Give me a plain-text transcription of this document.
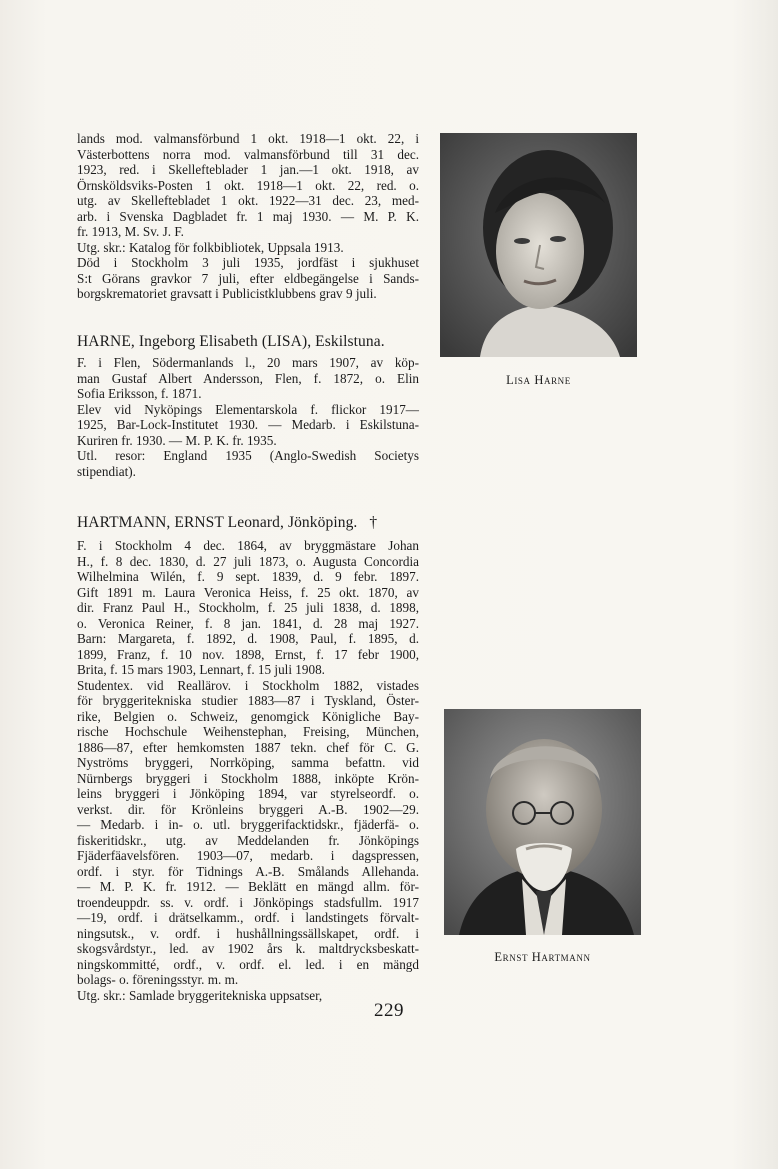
lands mod. valmansförbund 1 okt. 1918—1 okt. 22, i
Västerbottens norra mod. valmansförbund till 31 dec.
1923, red. i Skellefteblader 1 jan.—1 okt. 1918, av
Örnsköldsviks-Posten 1 okt. 1918—1 okt. 22, red. o.
utg. av Skelleftebladet 1 okt. 1922—31 dec. 23, med-
arb. i Svenska Dagbladet fr. 1 maj 1930. — M. P. K.
fr. 1913, M. Sv. J. F.
Utg. skr.: Katalog för folkbibliotek, Uppsala 1913.
Död i Stockholm 3 juli 1935, jordfäst i sjukhuset
S:t Görans gravkor 7 juli, efter eldbegängelse i Sands-
borgskrematoriet gravsatt i Publicistklubbens grav 9 juli.
Lisa Harne
HARNE, Ingeborg Elisabeth (LISA), Eskilstuna.
F. i Flen, Södermanlands l., 20 mars 1907, av köp-
man Gustaf Albert Andersson, Flen, f. 1872, o. Elin
Sofia Eriksson, f. 1871.
Elev vid Nyköpings Elementarskola f. flickor 1917—
1925, Bar-Lock-Institutet 1930. — Medarb. i Eskilstuna-
Kuriren fr. 1930. — M. P. K. fr. 1935.
Utl. resor: England 1935 (Anglo-Swedish Societys
stipendiat).
HARTMANN, ERNST Leonard, Jönköping. †
F. i Stockholm 4 dec. 1864, av bryggmästare Johan
H., f. 8 dec. 1830, d. 27 juli 1873, o. Augusta Concordia
Wilhelmina Wilén, f. 9 sept. 1839, d. 9 febr. 1897.
Gift 1891 m. Laura Veronica Heiss, f. 25 okt. 1870, av
dir. Franz Paul H., Stockholm, f. 25 juli 1838, d. 1898,
o. Veronica Reiner, f. 8 jan. 1841, d. 28 maj 1927.
Barn: Margareta, f. 1892, d. 1908, Paul, f. 1895, d.
1899, Franz, f. 10 nov. 1898, Ernst, f. 17 febr 1900,
Brita, f. 15 mars 1903, Lennart, f. 15 juli 1908.
Studentex. vid Reallärov. i Stockholm 1882, vistades
för bryggeritekniska studier 1883—87 i Tyskland, Öster-
rike, Belgien o. Schweiz, genomgick Königliche Bay-
rische Hochschule Weihenstephan, Freising, München,
1886—87, efter hemkomsten 1887 tekn. chef för C. G.
Nyströms bryggeri, Norrköping, samma befattn. vid
Nürnbergs bryggeri i Stockholm 1888, inköpte Krön-
leins bryggeri i Jönköping 1894, var styrelseordf. o.
verkst. dir. för Krönleins bryggeri A.-B. 1902—29.
— Medarb. i in- o. utl. bryggerifacktidskr., fjäderfä- o.
fiskeritidskr., utg. av Meddelanden fr. Jönköpings
Fjäderfäavelsfören. 1903—07, medarb. i dagspressen,
ordf. i styr. för Tidnings A.-B. Smålands Allehanda.
— M. P. K. fr. 1912. — Beklätt en mängd allm. för-
troendeuppdr. ss. v. ordf. i Jönköpings stadsfullm. 1917
—19, ordf. i drätselkamm., ordf. i landstingets förvalt-
ningsutsk., v. ordf. i hushållningssällskapet, ordf. i
skogsvårdstyr., led. av 1902 års k. maltdrycksbeskatt-
ningskommitté, ordf., v. ordf. el. led. i en mängd
bolags- o. föreningsstyr. m. m.
Utg. skr.: Samlade bryggeritekniska uppsatser,
Ernst Hartmann
229
